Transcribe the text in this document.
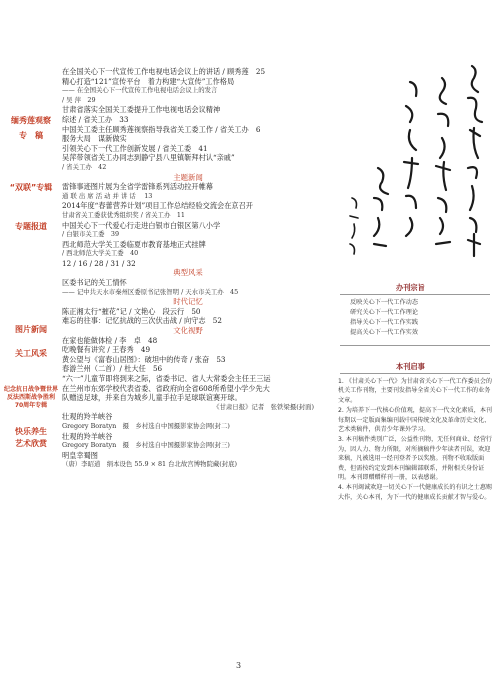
缅秀莲观察
专　稿
“双联”专辑
专题报道
图片新闻
关工风采
纪念抗日战争暨世界反法西斯战争胜利70周年专辑
快乐养生
艺术欣赏
在全国关心下一代宣传工作电视电话会议上的讲话 / 顾秀莲　25
精心打造“121”宣传平台　着力构建“大宣传”工作格局
—— 在全国关心下一代宣传工作电视电话会议上的发言
/ 吴 萍　29
甘肃省落实全国关工委提升工作电视电话会议精神
综述 / 省关工办　33
中国关工委主任顾秀莲视察指导我省关工委工作 / 省关工办　6
服务大局　谋新做实
引领关心下一代工作创新发展 / 省关工委　41
吴萍带领省关工办同志到静宁县八里镇靳拜村认“亲戚”
/ 省关工办　42
主题新闻
雷锋事迹图片展为全省学雷锋系列活动拉开帷幕
通 联 出 席 活 动 并 讲 话 　13
2014年度“春蕾营养计划”项目工作总结经验交流会在京召开
甘肃省关工委获优秀组织奖 / 省关工办　11
中国关心下一代爱心行走进白银市白银区第八小学
/ 白银市关工委　39
西北师范大学关工委临夏市教育基地正式挂牌
/ 西北师范大学关工委　40
12 / 16 / 28 / 31 / 32
典型风采
区委书记的关工情怀
—— 记中共天水市秦州区委原书记张智明 / 天水市关工办　45
时代记忆
陈正湘太行“摧花”记 / 文艳心　段云行　50
难忘的往事：记忆抗战的三次伏击战 / 向守志　52
文化视野
在家也能做体检 / 李　卓　48
吃晚餐有讲究 / 王春秀　49
黄公望与《富春山居图》：破坦中的传奇 / 张奋　53
春游兰州（二首）/ 杜大任　56
“六一”儿童节即将到来之际，省委书记、省人大常委会主任王三运
在兰州市东郊学校代表省委、省政府向全省608所希望小学少先大
队赠送足球，并来自为城乡儿童手拉手足球联谊赛开球。
《甘肃日报》记者　张铁梁摄(封面)
壮观的羚羊峡谷
Gregory Boratyn　摄　乡村选自中国摄影家协会网(封二)
壮观的羚羊峡谷
Gregory Boratyn　摄　乡村选自中国摄影家协会网(封三)
明皇幸蜀图
（唐）李昭道　绢本设色 55.9 × 81 台北故宫博物院藏(封底)
办刊宗旨
反映关心下一代工作动态
研究关心下一代工作理论
指导关心下一代工作实践
提高关心下一代工作实效
本刊启事

1. 《甘肃关心下一代》为甘肃省关心下一代工作委员会的机关工作刊物，主要刊发指导全省关心下一代工作的业务文章。

2. 为培养下一代核心价值观，提高下一代文化素质，本刊每期以一定版面集编刊载中国传统文化及革命历史文化、艺术类稿件，供青少年课外学习。

3. 本刊稿件类别广泛，公益性刊物，无任何商业、经营行为，因人力、物力所限，对所摘稿件少年读者刊误，欢迎来稿，凡被选用一经刊登者予以奖励。刊物不收取版面费，但需按约定发到本刊编辑部联系，并附相关身份证明。本刊即赠赠样刊一册，以表感谢。

4. 本刊竭诚欢迎一切关心下一代健康成长的有识之士惠赐大作，关心本刊，为下一代的健康成长贡献才智与爱心。

3
